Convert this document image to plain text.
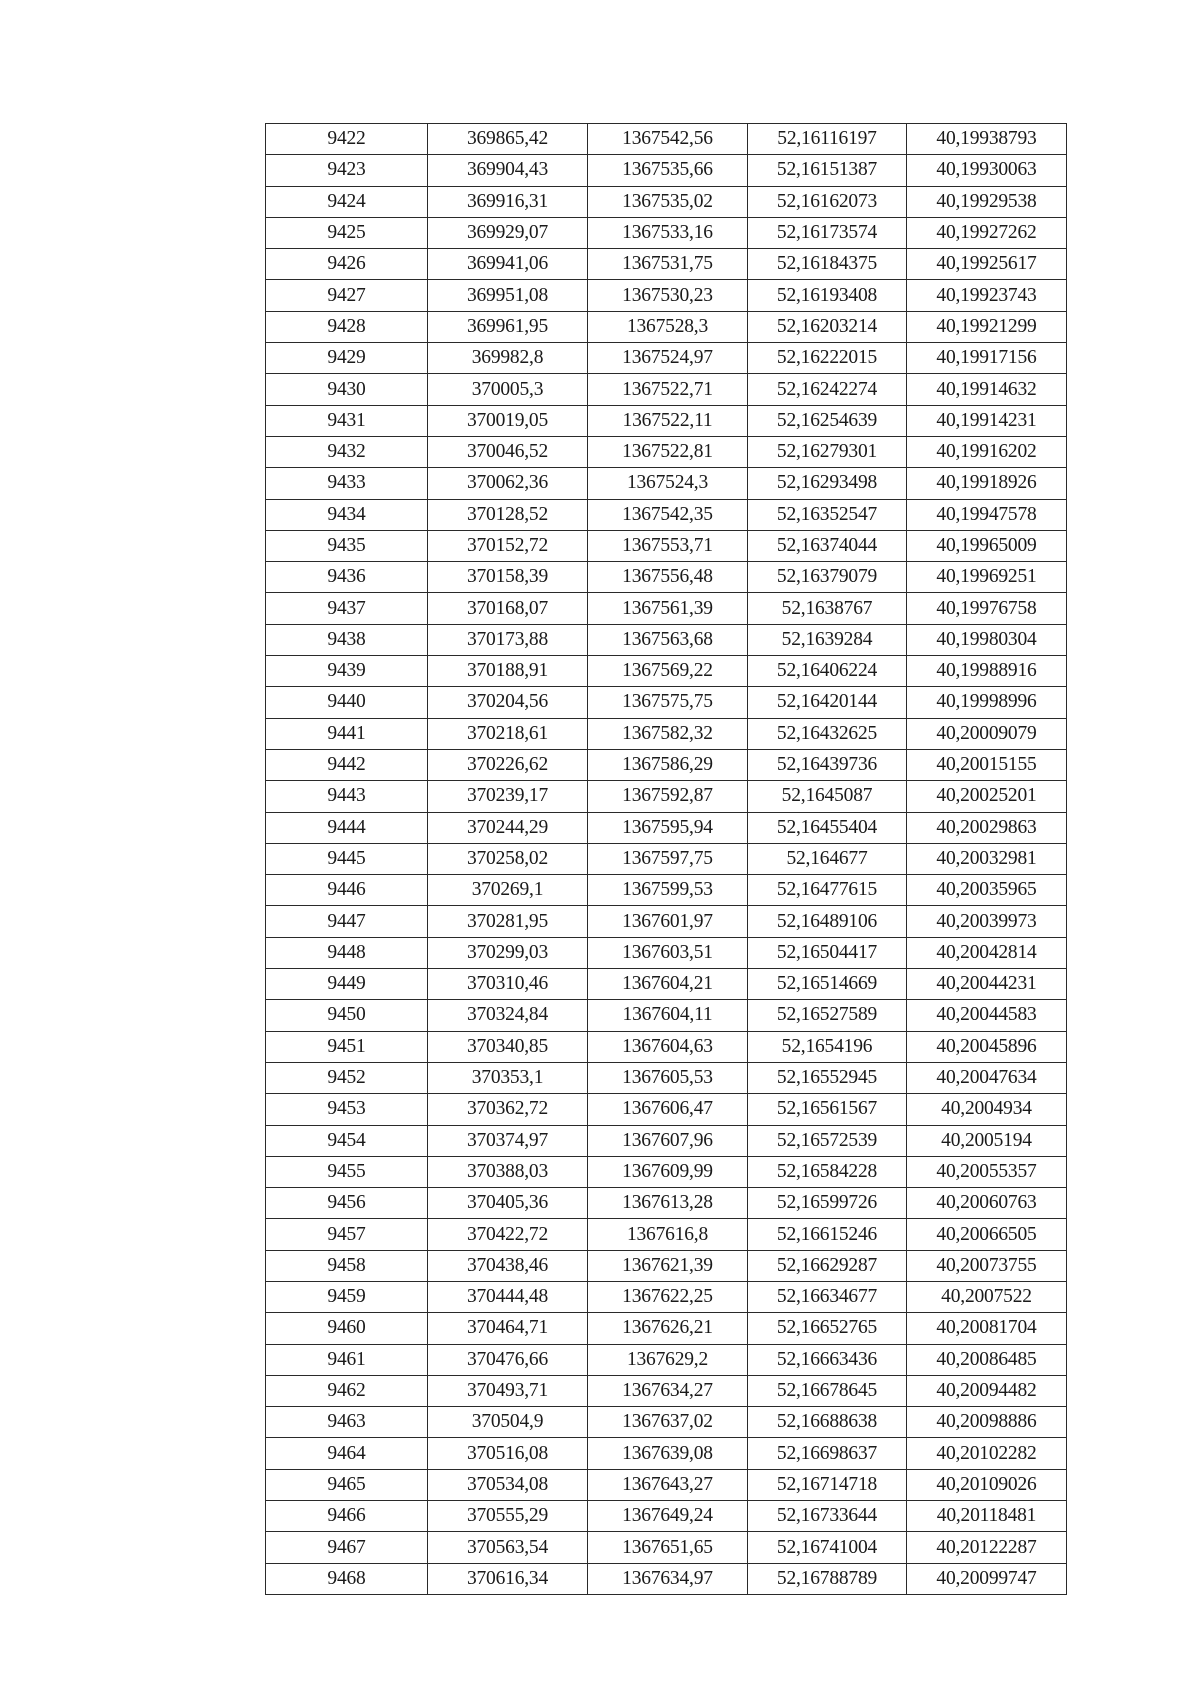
9422	369865,42	1367542,56	52,16116197	40,19938793
9423	369904,43	1367535,66	52,16151387	40,19930063
9424	369916,31	1367535,02	52,16162073	40,19929538
9425	369929,07	1367533,16	52,16173574	40,19927262
9426	369941,06	1367531,75	52,16184375	40,19925617
9427	369951,08	1367530,23	52,16193408	40,19923743
9428	369961,95	1367528,3	52,16203214	40,19921299
9429	369982,8	1367524,97	52,16222015	40,19917156
9430	370005,3	1367522,71	52,16242274	40,19914632
9431	370019,05	1367522,11	52,16254639	40,19914231
9432	370046,52	1367522,81	52,16279301	40,19916202
9433	370062,36	1367524,3	52,16293498	40,19918926
9434	370128,52	1367542,35	52,16352547	40,19947578
9435	370152,72	1367553,71	52,16374044	40,19965009
9436	370158,39	1367556,48	52,16379079	40,19969251
9437	370168,07	1367561,39	52,1638767	40,19976758
9438	370173,88	1367563,68	52,1639284	40,19980304
9439	370188,91	1367569,22	52,16406224	40,19988916
9440	370204,56	1367575,75	52,16420144	40,19998996
9441	370218,61	1367582,32	52,16432625	40,20009079
9442	370226,62	1367586,29	52,16439736	40,20015155
9443	370239,17	1367592,87	52,1645087	40,20025201
9444	370244,29	1367595,94	52,16455404	40,20029863
9445	370258,02	1367597,75	52,164677	40,20032981
9446	370269,1	1367599,53	52,16477615	40,20035965
9447	370281,95	1367601,97	52,16489106	40,20039973
9448	370299,03	1367603,51	52,16504417	40,20042814
9449	370310,46	1367604,21	52,16514669	40,20044231
9450	370324,84	1367604,11	52,16527589	40,20044583
9451	370340,85	1367604,63	52,1654196	40,20045896
9452	370353,1	1367605,53	52,16552945	40,20047634
9453	370362,72	1367606,47	52,16561567	40,2004934
9454	370374,97	1367607,96	52,16572539	40,2005194
9455	370388,03	1367609,99	52,16584228	40,20055357
9456	370405,36	1367613,28	52,16599726	40,20060763
9457	370422,72	1367616,8	52,16615246	40,20066505
9458	370438,46	1367621,39	52,16629287	40,20073755
9459	370444,48	1367622,25	52,16634677	40,2007522
9460	370464,71	1367626,21	52,16652765	40,20081704
9461	370476,66	1367629,2	52,16663436	40,20086485
9462	370493,71	1367634,27	52,16678645	40,20094482
9463	370504,9	1367637,02	52,16688638	40,20098886
9464	370516,08	1367639,08	52,16698637	40,20102282
9465	370534,08	1367643,27	52,16714718	40,20109026
9466	370555,29	1367649,24	52,16733644	40,20118481
9467	370563,54	1367651,65	52,16741004	40,20122287
9468	370616,34	1367634,97	52,16788789	40,20099747
